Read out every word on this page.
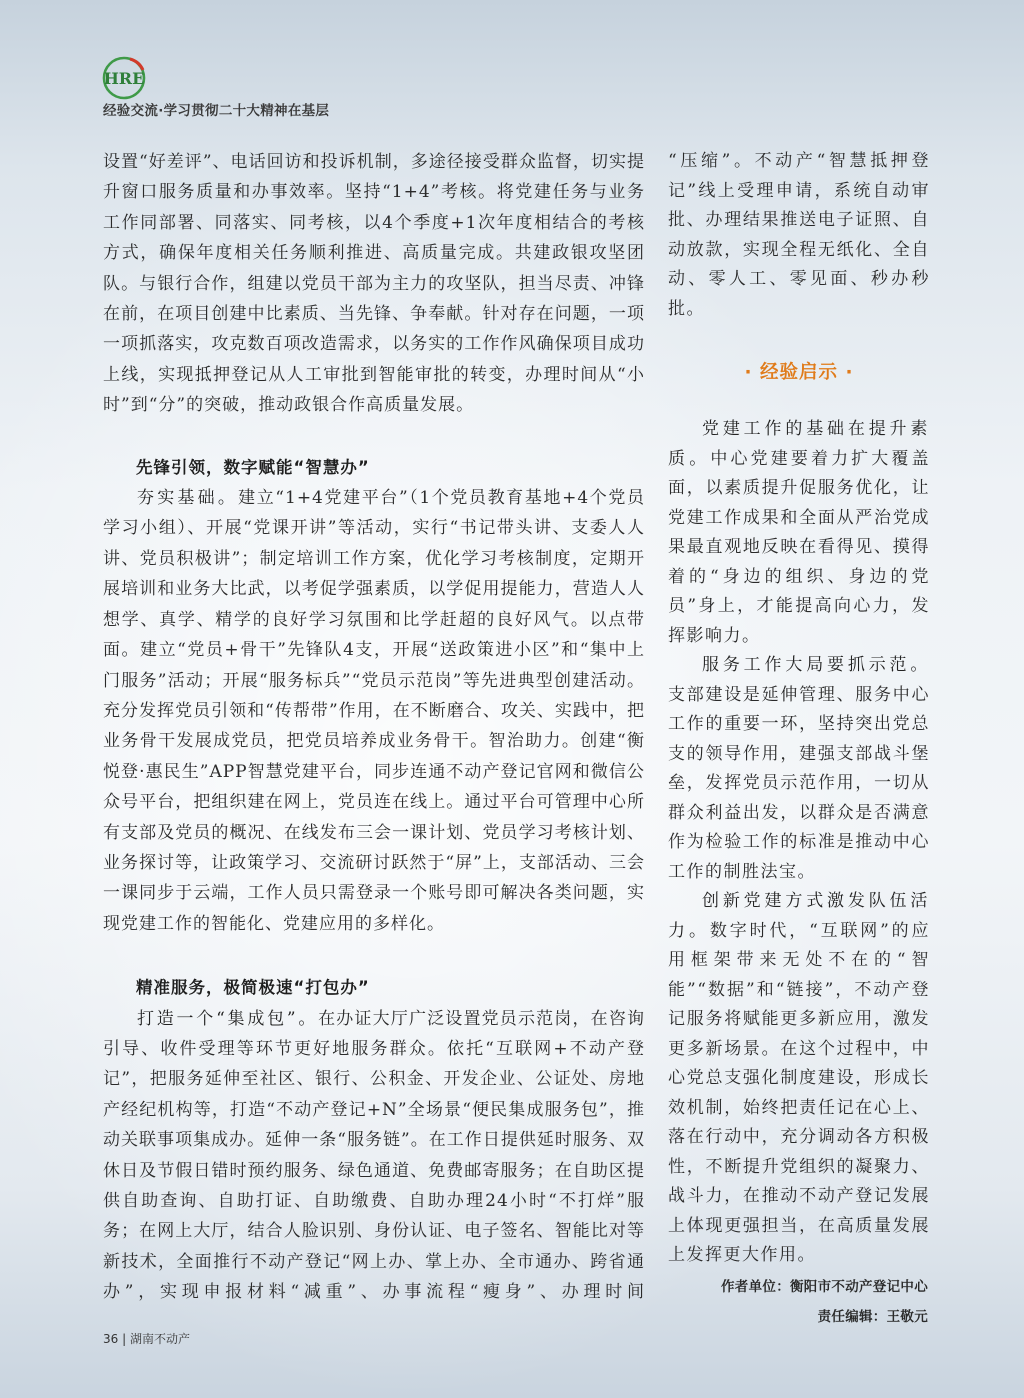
HRE
经验交流·学习贯彻二十大精神在基层

设置“好差评”、电话回访和投诉机制，多途径接受群众监督，切实提升窗口服务质量和办事效率。坚持“1+4”考核。将党建任务与业务工作同部署、同落实、同考核，以4个季度+1次年度相结合的考核方式，确保年度相关任务顺利推进、高质量完成。共建政银攻坚团队。与银行合作，组建以党员干部为主力的攻坚队，担当尽责、冲锋在前，在项目创建中比素质、当先锋、争奉献。针对存在问题，一项一项抓落实，攻克数百项改造需求，以务实的工作作风确保项目成功上线，实现抵押登记从人工审批到智能审批的转变，办理时间从“小时”到“分”的突破，推动政银合作高质量发展。

先锋引领，数字赋能“智慧办”

夯实基础。建立“1+4党建平台”（1个党员教育基地+4个党员学习小组）、开展“党课开讲”等活动，实行“书记带头讲、支委人人讲、党员积极讲”；制定培训工作方案，优化学习考核制度，定期开展培训和业务大比武，以考促学强素质，以学促用提能力，营造人人想学、真学、精学的良好学习氛围和比学赶超的良好风气。以点带面。建立“党员+骨干”先锋队4支，开展“送政策进小区”和“集中上门服务”活动；开展“服务标兵”“党员示范岗”等先进典型创建活动。充分发挥党员引领和“传帮带”作用，在不断磨合、攻关、实践中，把业务骨干发展成党员，把党员培养成业务骨干。智治助力。创建“衡悦登·惠民生”APP智慧党建平台，同步连通不动产登记官网和微信公众号平台，把组织建在网上，党员连在线上。通过平台可管理中心所有支部及党员的概况、在线发布三会一课计划、党员学习考核计划、业务探讨等，让政策学习、交流研讨跃然于“屏”上，支部活动、三会一课同步于云端，工作人员只需登录一个账号即可解决各类问题，实现党建工作的智能化、党建应用的多样化。

精准服务，极简极速“打包办”

打造一个“集成包”。在办证大厅广泛设置党员示范岗，在咨询引导、收件受理等环节更好地服务群众。依托“互联网+不动产登记”，把服务延伸至社区、银行、公积金、开发企业、公证处、房地产经纪机构等，打造“不动产登记+N”全场景“便民集成服务包”，推动关联事项集成办。延伸一条“服务链”。在工作日提供延时服务、双休日及节假日错时预约服务、绿色通道、免费邮寄服务；在自助区提供自助查询、自助打证、自助缴费、自助办理24小时“不打烊”服务；在网上大厅，结合人脸识别、身份认证、电子签名、智能比对等新技术，全面推行不动产登记“网上办、掌上办、全市通办、跨省通办”，实现申报材料“减重”、办事流程“瘦身”、办理时间

“压缩”。不动产“智慧抵押登记”线上受理申请，系统自动审批、办理结果推送电子证照、自动放款，实现全程无纸化、全自动、零人工、零见面、秒办秒批。

· 经验启示 ·

党建工作的基础在提升素质。中心党建要着力扩大覆盖面，以素质提升促服务优化，让党建工作成果和全面从严治党成果最直观地反映在看得见、摸得着的“身边的组织、身边的党员”身上，才能提高向心力，发挥影响力。

服务工作大局要抓示范。支部建设是延伸管理、服务中心工作的重要一环，坚持突出党总支的领导作用，建强支部战斗堡垒，发挥党员示范作用，一切从群众利益出发，以群众是否满意作为检验工作的标准是推动中心工作的制胜法宝。

创新党建方式激发队伍活力。数字时代，“互联网”的应用框架带来无处不在的“智能”“数据”和“链接”，不动产登记服务将赋能更多新应用，激发更多新场景。在这个过程中，中心党总支强化制度建设，形成长效机制，始终把责任记在心上、落在行动中，充分调动各方积极性，不断提升党组织的凝聚力、战斗力，在推动不动产登记发展上体现更强担当，在高质量发展上发挥更大作用。

作者单位：衡阳市不动产登记中心
责任编辑：王敬元
36 | 湖南不动产
